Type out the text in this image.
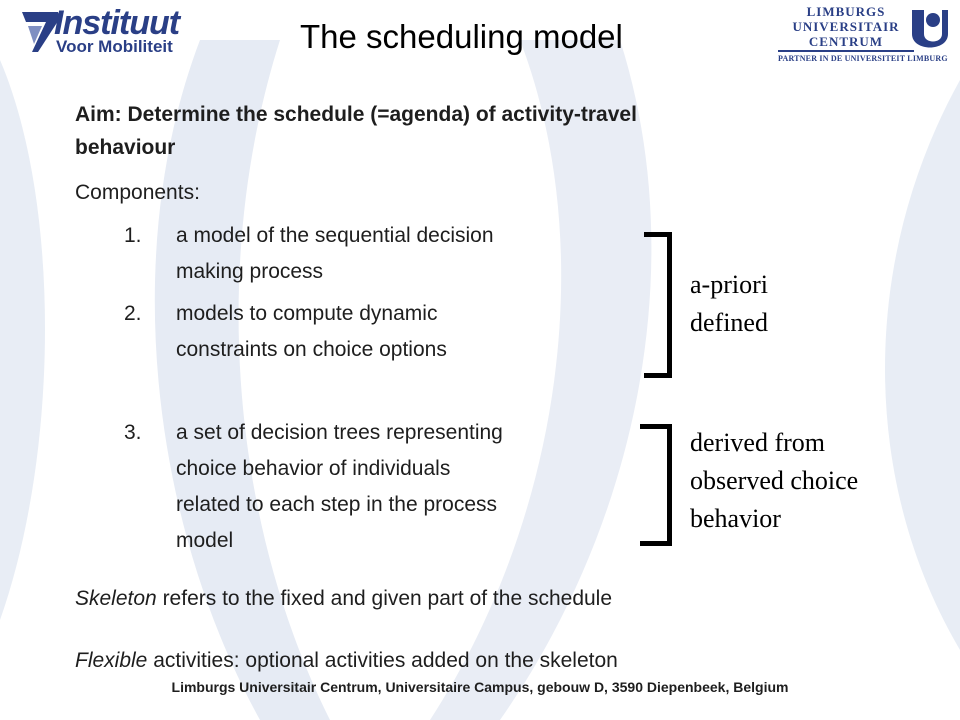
Instituut
Voor Mobiliteit	The scheduling model
LIMBURGS
UNIVERSITAIR
CENTRUM
PARTNER IN DE UNIVERSITEIT LIMBURG
Aim: Determine the schedule (=agenda) of activity-travel
behaviour
Components:
1. a model of the sequential decision
making process
2. models to compute dynamic
constraints on choice options
3. a set of decision trees representing
choice behavior of individuals
related to each step in the process
model
a-priori
defined
derived from
observed choice
behavior
Skeleton refers to the fixed and given part of the schedule
Flexible activities: optional activities added on the skeleton
Limburgs Universitair Centrum, Universitaire Campus, gebouw D, 3590 Diepenbeek, Belgium
